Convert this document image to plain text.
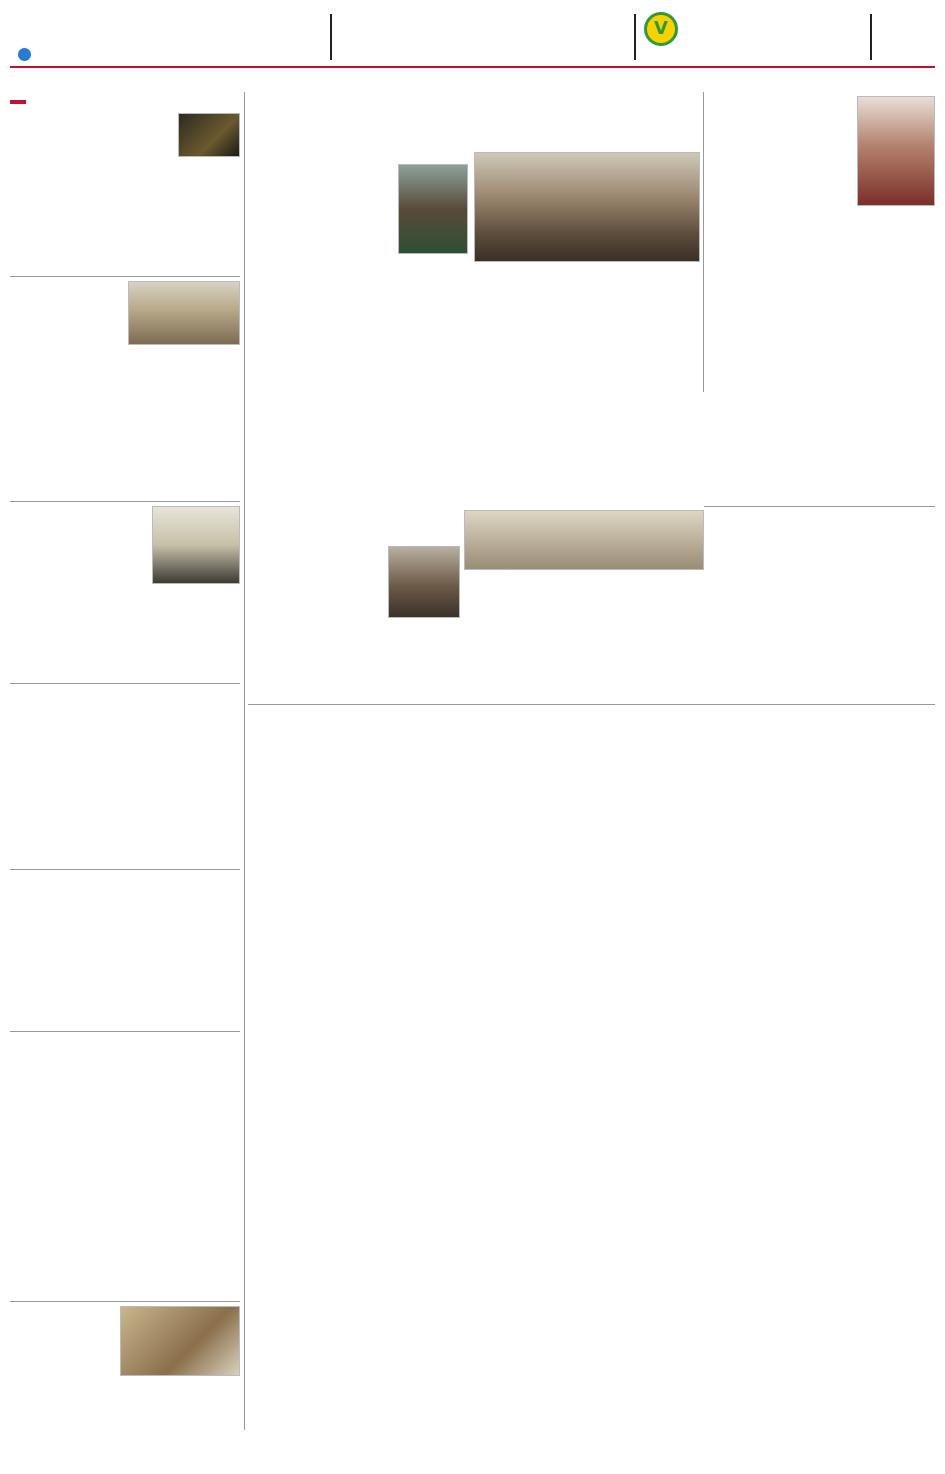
V
